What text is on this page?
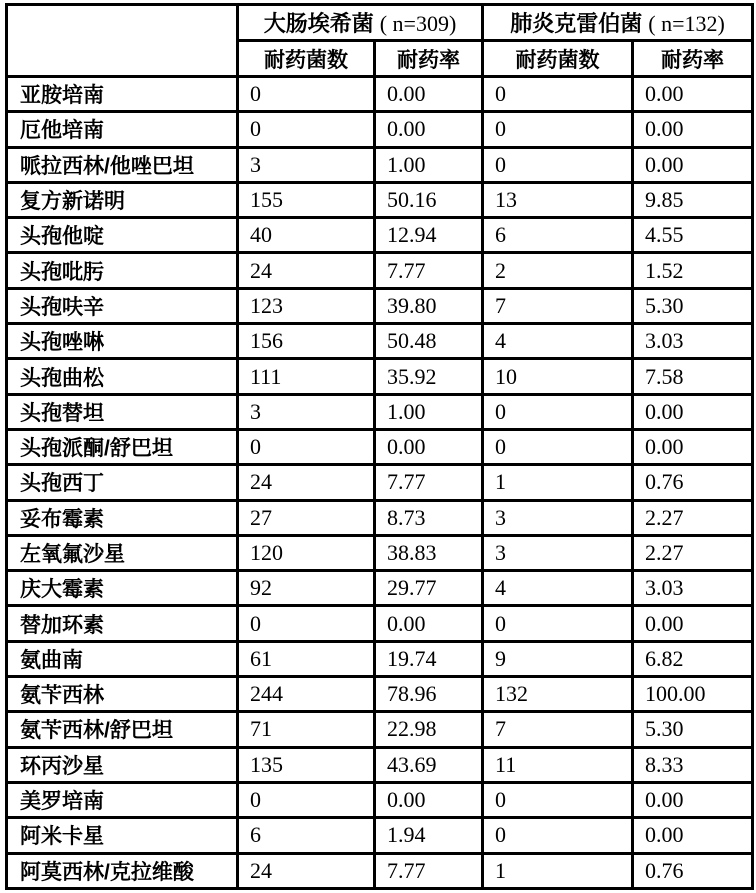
	大肠埃希菌 ( n=309)		肺炎克雷伯菌 ( n=132)	
	耐药菌数	耐药率	耐药菌数	耐药率
亚胺培南	0	0.00	0	0.00
厄他培南	0	0.00	0	0.00
哌拉西林/他唑巴坦	3	1.00	0	0.00
复方新诺明	155	50.16	13	9.85
头孢他啶	40	12.94	6	4.55
头孢吡肟	24	7.77	2	1.52
头孢呋辛	123	39.80	7	5.30
头孢唑啉	156	50.48	4	3.03
头孢曲松	111	35.92	10	7.58
头孢替坦	3	1.00	0	0.00
头孢派酮/舒巴坦	0	0.00	0	0.00
头孢西丁	24	7.77	1	0.76
妥布霉素	27	8.73	3	2.27
左氧氟沙星	120	38.83	3	2.27
庆大霉素	92	29.77	4	3.03
替加环素	0	0.00	0	0.00
氨曲南	61	19.74	9	6.82
氨苄西林	244	78.96	132	100.00
氨苄西林/舒巴坦	71	22.98	7	5.30
环丙沙星	135	43.69	11	8.33
美罗培南	0	0.00	0	0.00
阿米卡星	6	1.94	0	0.00
阿莫西林/克拉维酸	24	7.77	1	0.76
